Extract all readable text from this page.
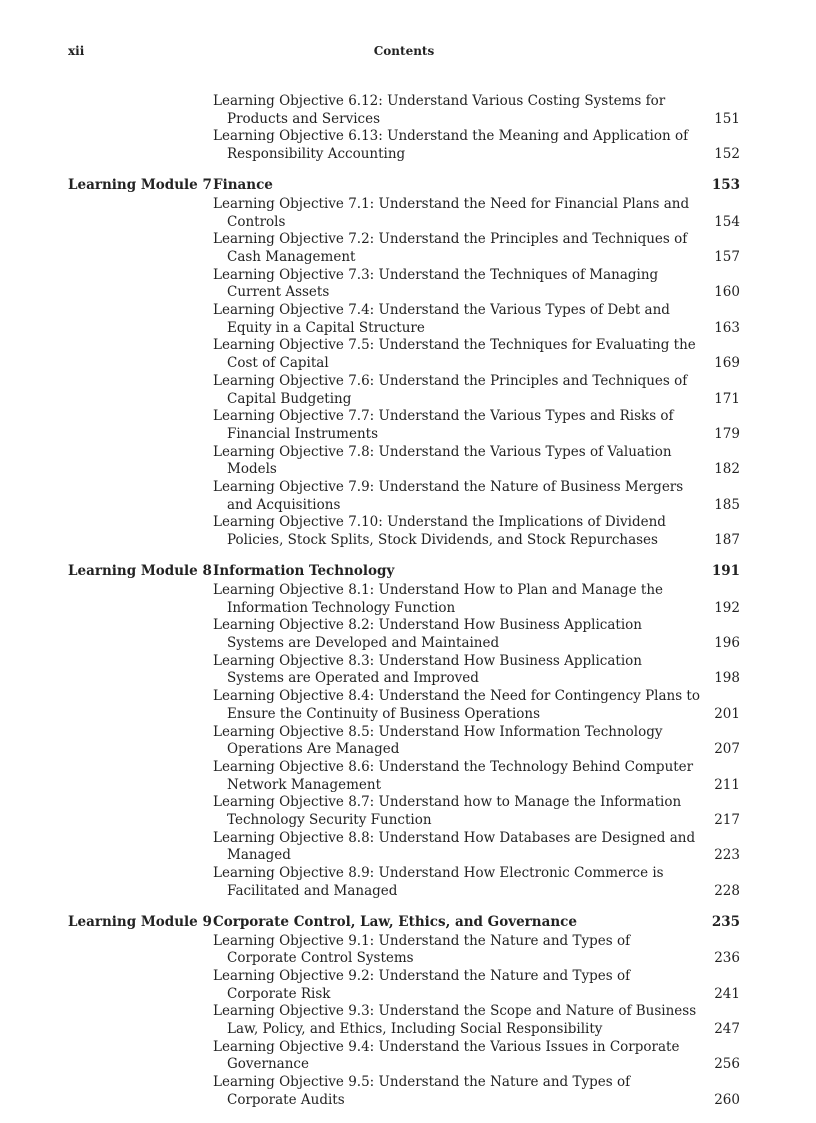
xii	Contents
Learning Objective 6.12: Understand Various Costing Systems for Products and Services	151
Learning Objective 6.13: Understand the Meaning and Application of Responsibility Accounting	152
Learning Module 7 Finance	153
Learning Objective 7.1: Understand the Need for Financial Plans and Controls	154
Learning Objective 7.2: Understand the Principles and Techniques of Cash Management	157
Learning Objective 7.3: Understand the Techniques of Managing Current Assets	160
Learning Objective 7.4: Understand the Various Types of Debt and Equity in a Capital Structure	163
Learning Objective 7.5: Understand the Techniques for Evaluating the Cost of Capital	169
Learning Objective 7.6: Understand the Principles and Techniques of Capital Budgeting	171
Learning Objective 7.7: Understand the Various Types and Risks of Financial Instruments	179
Learning Objective 7.8: Understand the Various Types of Valuation Models	182
Learning Objective 7.9: Understand the Nature of Business Mergers and Acquisitions	185
Learning Objective 7.10: Understand the Implications of Dividend Policies, Stock Splits, Stock Dividends, and Stock Repurchases	187
Learning Module 8 Information Technology	191
Learning Objective 8.1: Understand How to Plan and Manage the Information Technology Function	192
Learning Objective 8.2: Understand How Business Application Systems are Developed and Maintained	196
Learning Objective 8.3: Understand How Business Application Systems are Operated and Improved	198
Learning Objective 8.4: Understand the Need for Contingency Plans to Ensure the Continuity of Business Operations	201
Learning Objective 8.5: Understand How Information Technology Operations Are Managed	207
Learning Objective 8.6: Understand the Technology Behind Computer Network Management	211
Learning Objective 8.7: Understand how to Manage the Information Technology Security Function	217
Learning Objective 8.8: Understand How Databases are Designed and Managed	223
Learning Objective 8.9: Understand How Electronic Commerce is Facilitated and Managed	228
Learning Module 9 Corporate Control, Law, Ethics, and Governance	235
Learning Objective 9.1: Understand the Nature and Types of Corporate Control Systems	236
Learning Objective 9.2: Understand the Nature and Types of Corporate Risk	241
Learning Objective 9.3: Understand the Scope and Nature of Business Law, Policy, and Ethics, Including Social Responsibility	247
Learning Objective 9.4: Understand the Various Issues in Corporate Governance	256
Learning Objective 9.5: Understand the Nature and Types of Corporate Audits	260
